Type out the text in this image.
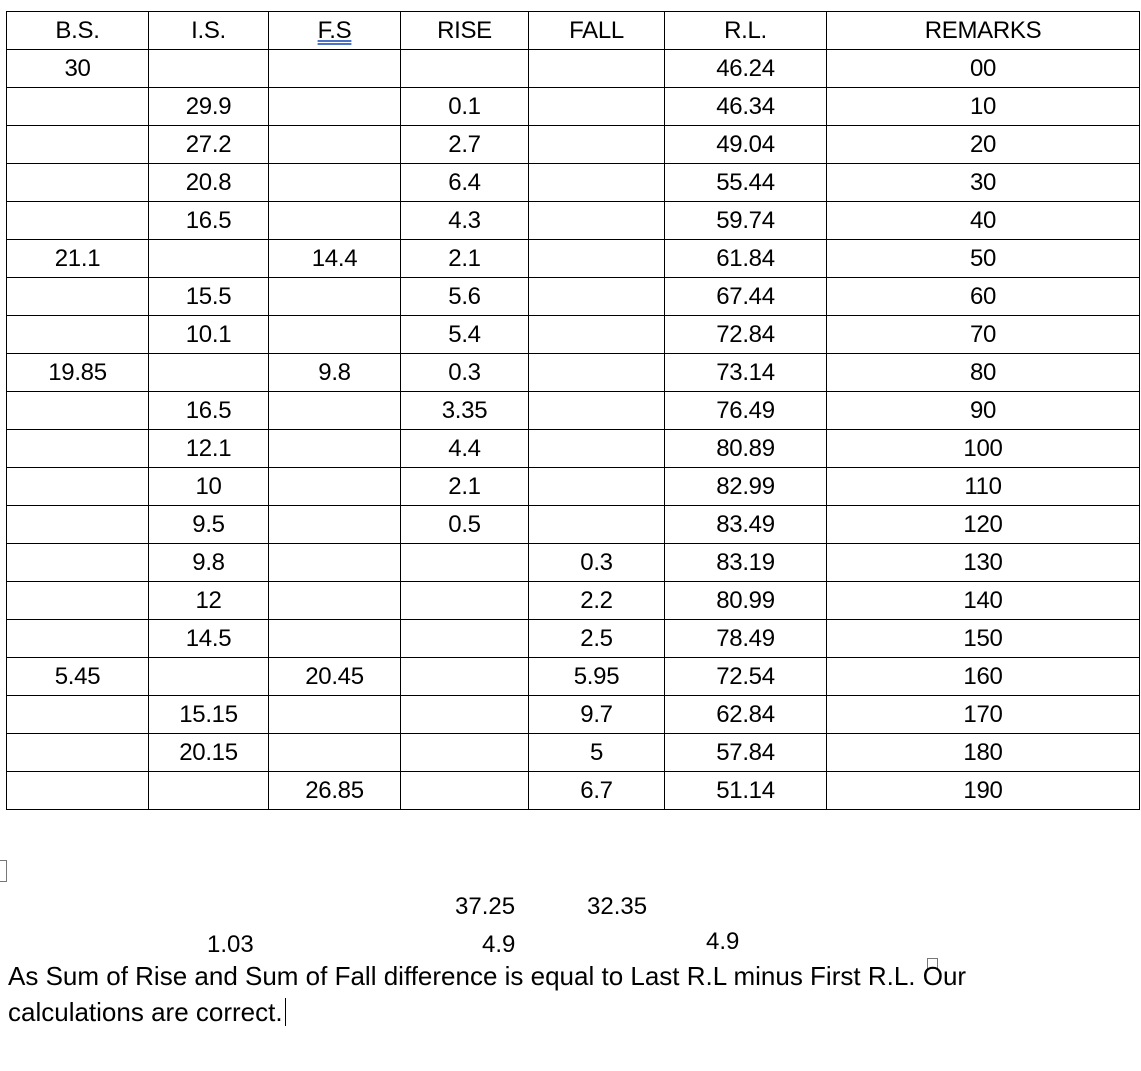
B.S.	I.S.	F.S	RISE	FALL	R.L.	REMARKS
30					46.24	00
	29.9		0.1		46.34	10
	27.2		2.7		49.04	20
	20.8		6.4		55.44	30
	16.5		4.3		59.74	40
21.1		14.4	2.1		61.84	50
	15.5		5.6		67.44	60
	10.1		5.4		72.84	70
19.85		9.8	0.3		73.14	80
	16.5		3.35		76.49	90
	12.1		4.4		80.89	100
	10		2.1		82.99	110
	9.5		0.5		83.49	120
	9.8			0.3	83.19	130
	12			2.2	80.99	140
	14.5			2.5	78.49	150
5.45		20.45		5.95	72.54	160
	15.15			9.7	62.84	170
	20.15			5	57.84	180
		26.85		6.7	51.14	190
37.25	32.35
1.03	4.9	4.9
As Sum of Rise and Sum of Fall difference is equal to Last R.L minus First R.L. Our calculations are correct.
